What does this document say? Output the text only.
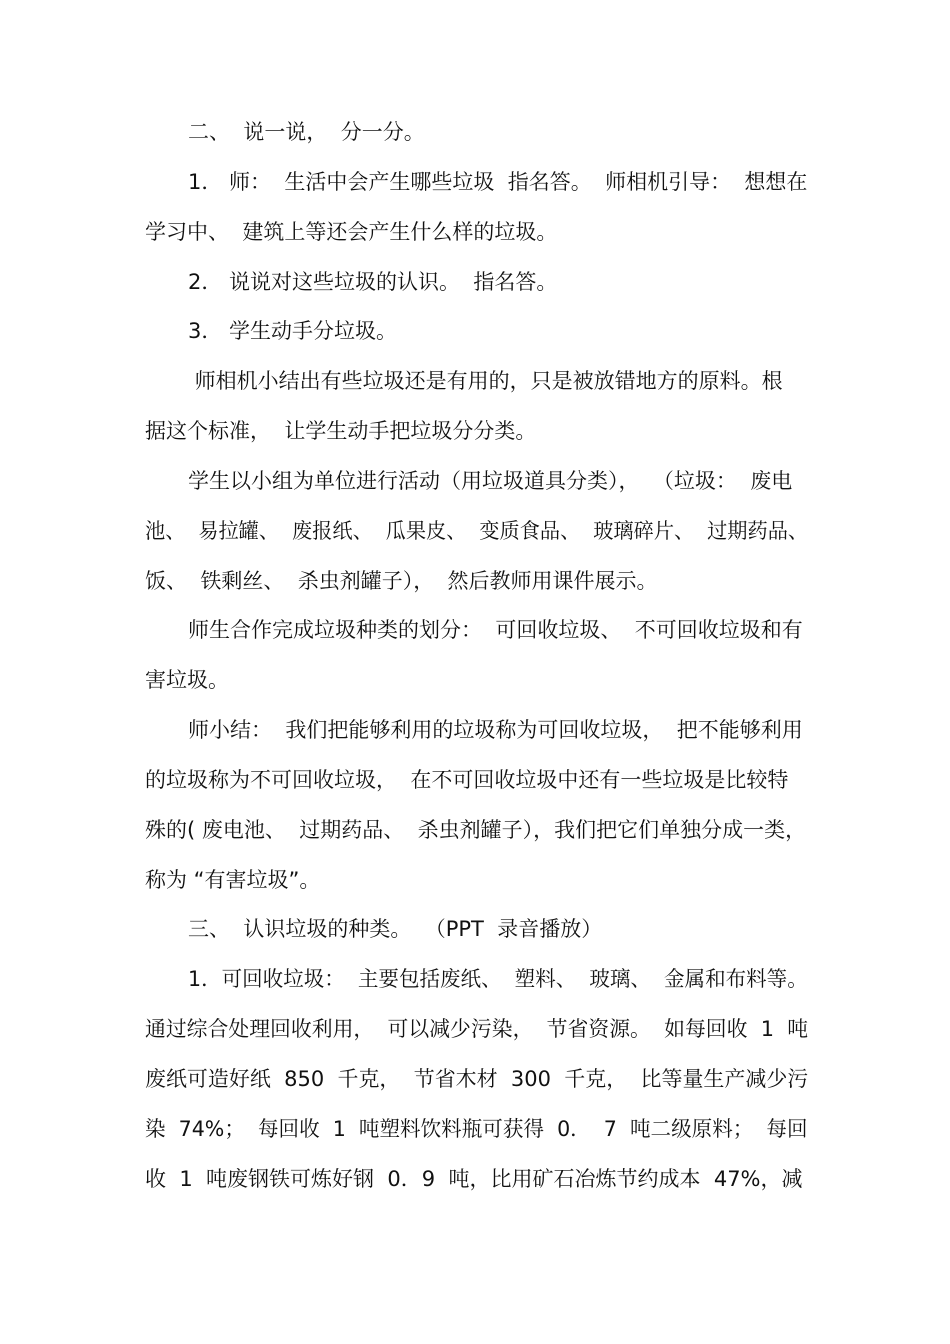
二、  说一说，  分一分。
1． 师：  生活中会产生哪些垃圾  指名答。  师相机引导：  想想在
学习中、  建筑上等还会产生什么样的垃圾。
2． 说说对这些垃圾的认识。  指名答。
3． 学生动手分垃圾。
师相机小结出有些垃圾还是有用的，只是被放错地方的原料。根
据这个标准，  让学生动手把垃圾分分类。
学生以小组为单位进行活动（用垃圾道具分类），  （垃圾：  废电
池、  易拉罐、  废报纸、  瓜果皮、  变质食品、  玻璃碎片、  过期药品、
饭、  铁剩丝、  杀虫剂罐子），  然后教师用课件展示。
师生合作完成垃圾种类的划分：  可回收垃圾、  不可回收垃圾和有
害垃圾。
师小结：  我们把能够利用的垃圾称为可回收垃圾，  把不能够利用
的垃圾称为不可回收垃圾，  在不可回收垃圾中还有一些垃圾是比较特
殊的( 废电池、  过期药品、  杀虫剂罐子），我们把它们单独分成一类，
称为 “有害垃圾”。
三、  认识垃圾的种类。  （PPT  录音播放）
1．可回收垃圾：  主要包括废纸、  塑料、  玻璃、  金属和布料等。
通过综合处理回收利用，  可以减少污染，  节省资源。  如每回收  1  吨
废纸可造好纸  850  千克，  节省木材  300  千克，  比等量生产减少污
染  74%；  每回收  1  吨塑料饮料瓶可获得  0．  7  吨二级原料；  每回
收  1  吨废钢铁可炼好钢  0．9  吨，比用矿石冶炼节约成本  47%，减
